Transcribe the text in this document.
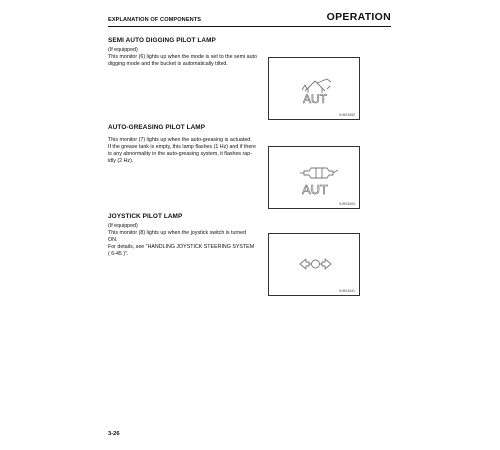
EXPLANATION OF COMPONENTS	OPERATION
SEMI AUTO DIGGING PILOT LAMP
(If equipped)
This monitor (6) lights up when the mode is set to the semi auto
digging mode and the bucket is automatically tilted.
AUT
9JH03453
AUTO-GREASING PILOT LAMP
This monitor (7) lights up when the auto-greasing is actuated.
If the grease tank is empty, this lamp flashes (1 Hz) and if there
is any abnormality in the auto-greasing system, it flashes rap-
idly (2 Hz).
AUT
9JH03463
JOYSTICK PILOT LAMP
(If equipped)
This monitor (8) lights up when the joystick switch is turned
ON.
For details, see "HANDLING JOYSTICK STEERING SYSTEM
( 6-45 )".
9JH03441
3-26
